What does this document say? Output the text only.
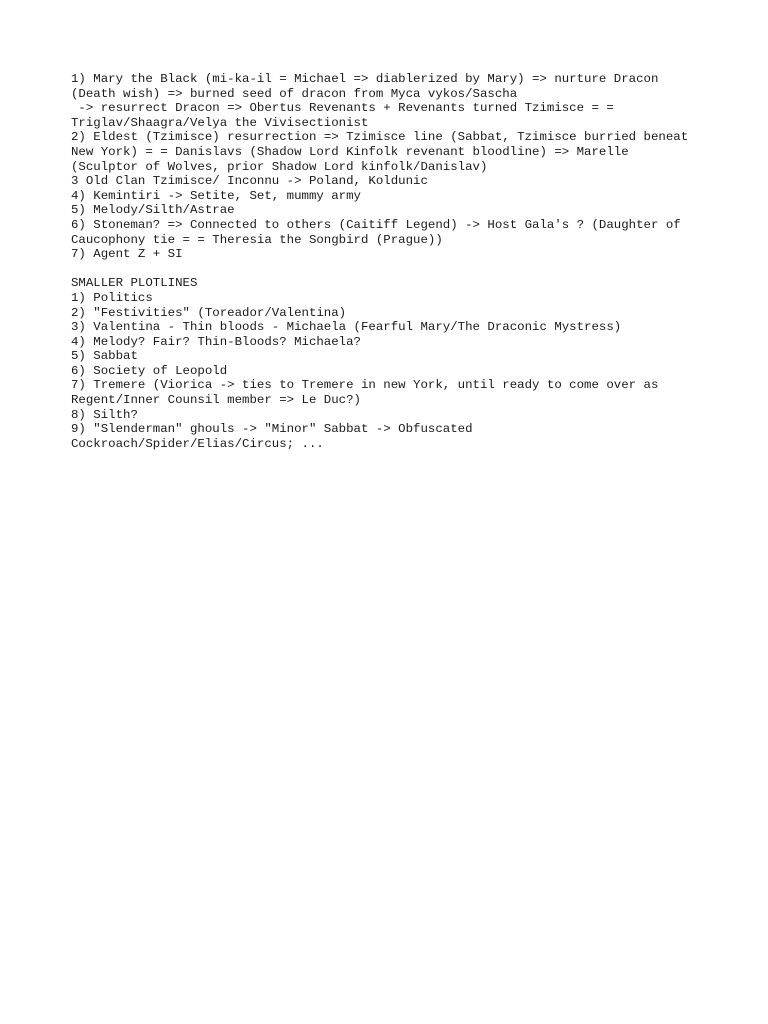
1) Mary the Black (mi-ka-il = Michael => diablerized by Mary) => nurture Dracon
(Death wish) => burned seed of dracon from Myca vykos/Sascha
-> resurrect Dracon => Obertus Revenants + Revenants turned Tzimisce = =
Triglav/Shaagra/Velya the Vivisectionist
2) Eldest (Tzimisce) resurrection => Tzimisce line (Sabbat, Tzimisce burried beneat
New York) = = Danislavs (Shadow Lord Kinfolk revenant bloodline) => Marelle
(Sculptor of Wolves, prior Shadow Lord kinfolk/Danislav)
3 Old Clan Tzimisce/ Inconnu -> Poland, Koldunic
4) Kemintiri -> Setite, Set, mummy army
5) Melody/Silth/Astrae
6) Stoneman? => Connected to others (Caitiff Legend) -> Host Gala's ? (Daughter of
Caucophony tie = = Theresia the Songbird (Prague))
7) Agent Z + SI
SMALLER PLOTLINES
1) Politics
2) "Festivities" (Toreador/Valentina)
3) Valentina - Thin bloods - Michaela (Fearful Mary/The Draconic Mystress)
4) Melody? Fair? Thin-Bloods? Michaela?
5) Sabbat
6) Society of Leopold
7) Tremere (Viorica -> ties to Tremere in new York, until ready to come over as
Regent/Inner Counsil member => Le Duc?)
8) Silth?
9) "Slenderman" ghouls -> "Minor" Sabbat -> Obfuscated
Cockroach/Spider/Elias/Circus; ...
